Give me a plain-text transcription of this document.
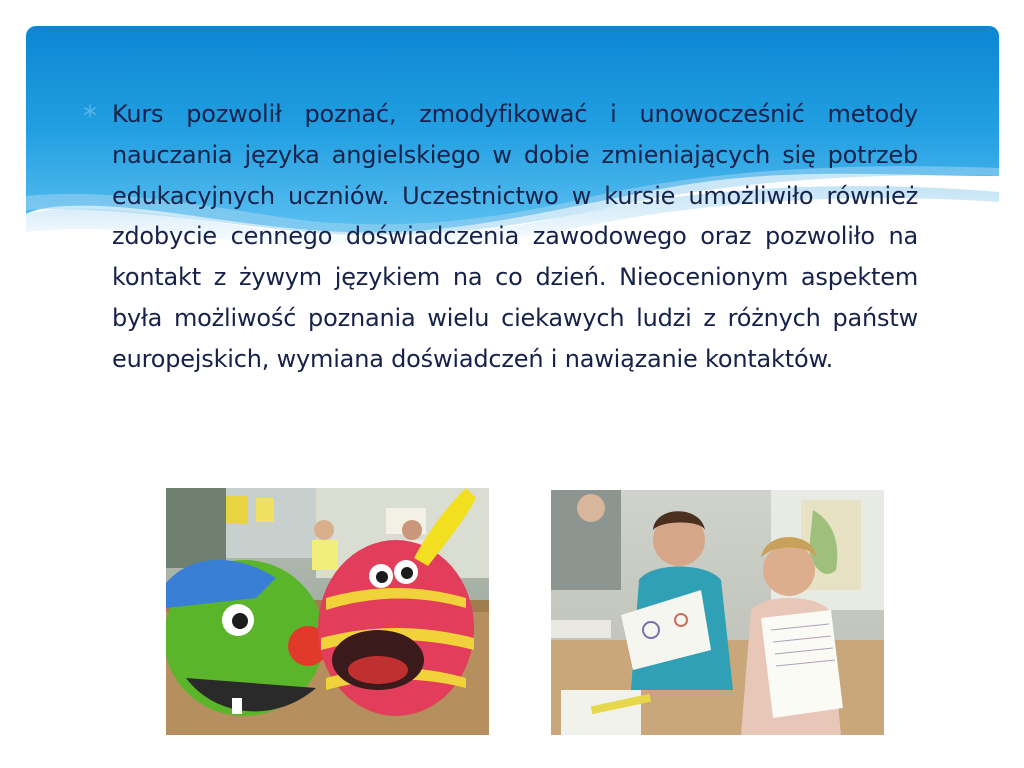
Kurs pozwolił poznać, zmodyfikować i unowocześnić metody nauczania języka angielskiego w dobie zmieniających się potrzeb edukacyjnych uczniów. Uczestnictwo w kursie umożliwiło również zdobycie cennego doświadczenia zawodowego oraz pozwoliło na kontakt z żywym językiem na co dzień. Nieocenionym aspektem była możliwość poznania wielu ciekawych ludzi z różnych państw europejskich, wymiana doświadczeń i nawiązanie kontaktów.
